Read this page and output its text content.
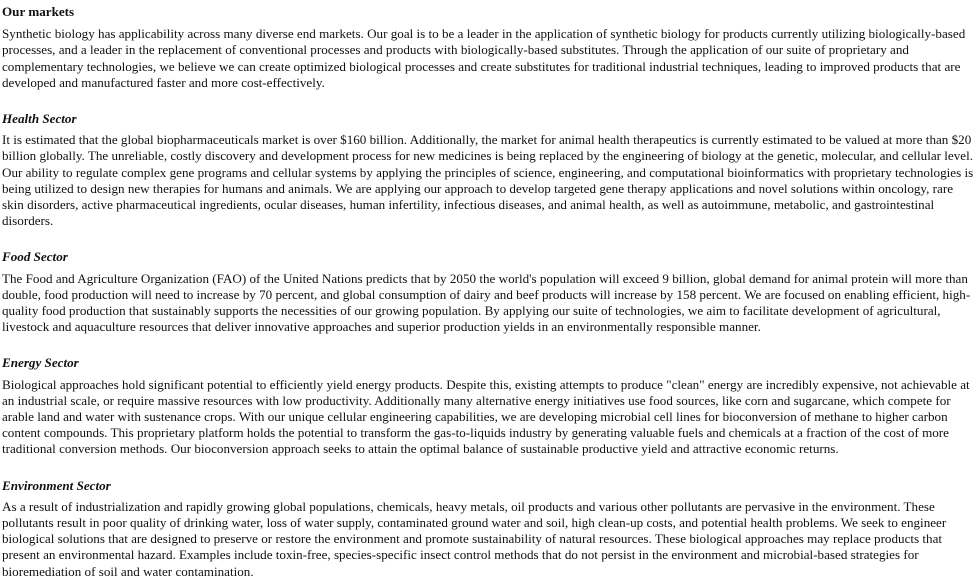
Our markets

Synthetic biology has applicability across many diverse end markets. Our goal is to be a leader in the application of synthetic biology for products currently utilizing biologically-based processes, and a leader in the replacement of conventional processes and products with biologically-based substitutes. Through the application of our suite of proprietary and complementary technologies, we believe we can create optimized biological processes and create substitutes for traditional industrial techniques, leading to improved products that are developed and manufactured faster and more cost-effectively.

Health Sector

It is estimated that the global biopharmaceuticals market is over $160 billion. Additionally, the market for animal health therapeutics is currently estimated to be valued at more than $20 billion globally. The unreliable, costly discovery and development process for new medicines is being replaced by the engineering of biology at the genetic, molecular, and cellular level. Our ability to regulate complex gene programs and cellular systems by applying the principles of science, engineering, and computational bioinformatics with proprietary technologies is being utilized to design new therapies for humans and animals. We are applying our approach to develop targeted gene therapy applications and novel solutions within oncology, rare skin disorders, active pharmaceutical ingredients, ocular diseases, human infertility, infectious diseases, and animal health, as well as autoimmune, metabolic, and gastrointestinal disorders.

Food Sector

The Food and Agriculture Organization (FAO) of the United Nations predicts that by 2050 the world's population will exceed 9 billion, global demand for animal protein will more than double, food production will need to increase by 70 percent, and global consumption of dairy and beef products will increase by 158 percent. We are focused on enabling efficient, high-quality food production that sustainably supports the necessities of our growing population. By applying our suite of technologies, we aim to facilitate development of agricultural, livestock and aquaculture resources that deliver innovative approaches and superior production yields in an environmentally responsible manner.

Energy Sector

Biological approaches hold significant potential to efficiently yield energy products. Despite this, existing attempts to produce "clean" energy are incredibly expensive, not achievable at an industrial scale, or require massive resources with low productivity. Additionally many alternative energy initiatives use food sources, like corn and sugarcane, which compete for arable land and water with sustenance crops. With our unique cellular engineering capabilities, we are developing microbial cell lines for bioconversion of methane to higher carbon content compounds. This proprietary platform holds the potential to transform the gas-to-liquids industry by generating valuable fuels and chemicals at a fraction of the cost of more traditional conversion methods. Our bioconversion approach seeks to attain the optimal balance of sustainable productive yield and attractive economic returns.

Environment Sector

As a result of industrialization and rapidly growing global populations, chemicals, heavy metals, oil products and various other pollutants are pervasive in the environment. These pollutants result in poor quality of drinking water, loss of water supply, contaminated ground water and soil, high clean-up costs, and potential health problems. We seek to engineer biological solutions that are designed to preserve or restore the environment and promote sustainability of natural resources. These biological approaches may replace products that present an environmental hazard. Examples include toxin-free, species-specific insect control methods that do not persist in the environment and microbial-based strategies for bioremediation of soil and water contamination.
